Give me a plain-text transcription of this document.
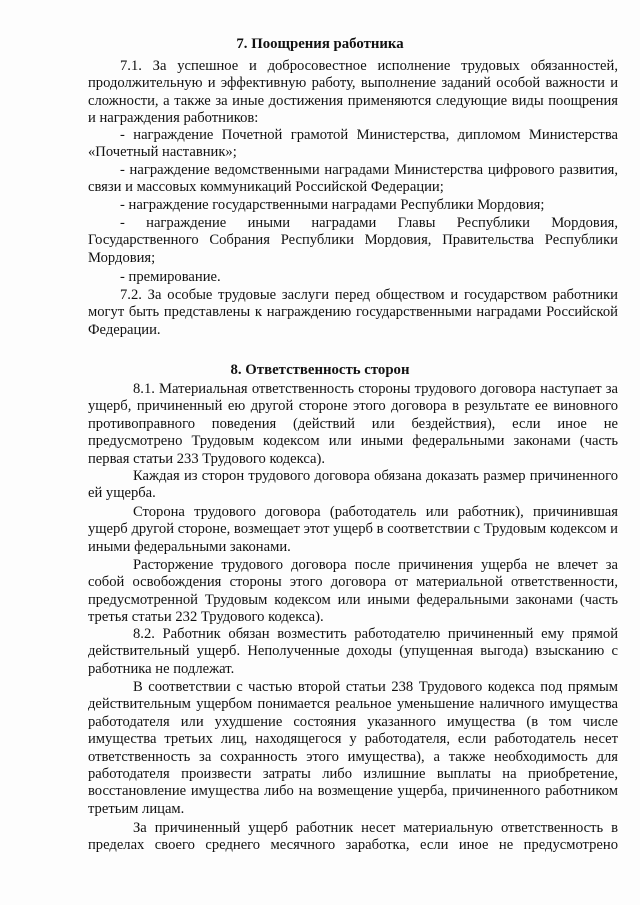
7. Поощрения работника

7.1. За успешное и добросовестное исполнение трудовых обязанностей, продолжительную и эффективную работу, выполнение заданий особой важности и сложности, а также за иные достижения применяются следующие виды поощрения и награждения работников:

- награждение Почетной грамотой Министерства, дипломом Министерства «Почетный наставник»;

- награждение ведомственными наградами Министерства цифрового развития, связи и массовых коммуникаций Российской Федерации;

- награждение государственными наградами Республики Мордовия;

- награждение иными наградами Главы Республики Мордовия, Государственного Собрания Республики Мордовия, Правительства Республики Мордовия;

- премирование.

7.2. За особые трудовые заслуги перед обществом и государством работники могут быть представлены к награждению государственными наградами Российской Федерации.

8. Ответственность сторон

8.1. Материальная ответственность стороны трудового договора наступает за ущерб, причиненный ею другой стороне этого договора в результате ее виновного противоправного поведения (действий или бездействия), если иное не предусмотрено Трудовым кодексом или иными федеральными законами (часть первая статьи 233 Трудового кодекса).

Каждая из сторон трудового договора обязана доказать размер причиненного ей ущерба.

Сторона трудового договора (работодатель или работник), причинившая ущерб другой стороне, возмещает этот ущерб в соответствии с Трудовым кодексом и иными федеральными законами.

Расторжение трудового договора после причинения ущерба не влечет за собой освобождения стороны этого договора от материальной ответственности, предусмотренной Трудовым кодексом или иными федеральными законами (часть третья статьи 232 Трудового кодекса).

8.2. Работник обязан возместить работодателю причиненный ему прямой действительный ущерб. Неполученные доходы (упущенная выгода) взысканию с работника не подлежат.

В соответствии с частью второй статьи 238 Трудового кодекса под прямым действительным ущербом понимается реальное уменьшение наличного имущества работодателя или ухудшение состояния указанного имущества (в том числе имущества третьих лиц, находящегося у работодателя, если работодатель несет ответственность за сохранность этого имущества), а также необходимость для работодателя произвести затраты либо излишние выплаты на приобретение, восстановление имущества либо на возмещение ущерба, причиненного работником третьим лицам.

За причиненный ущерб работник несет материальную ответственность в пределах своего среднего месячного заработка, если иное не предусмотрено
